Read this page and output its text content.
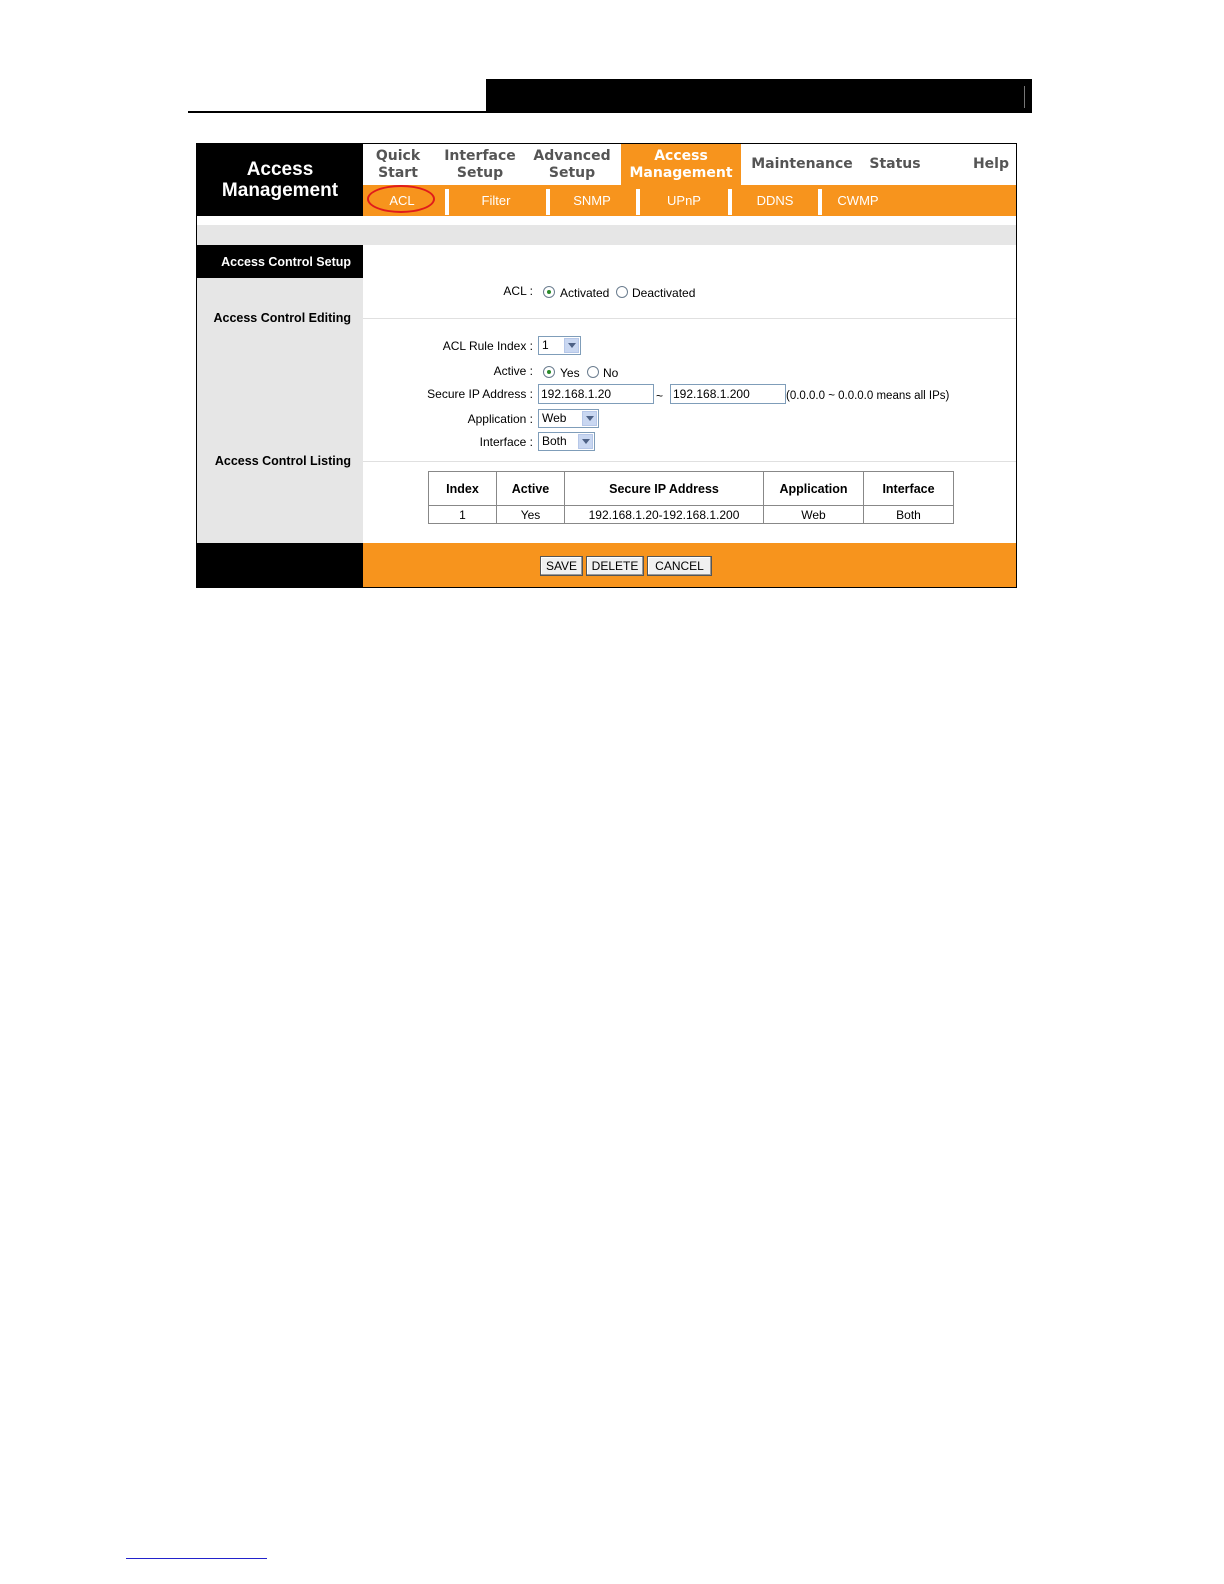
Access
Management
Quick
Start
Interface
Setup
Advanced
Setup
Access
Management
Maintenance Status	Help
ACL	Filter	SNMP	UPnP	DDNS	CWMP
Access Control Setup
Access Control Editing
Access Control Listing
ACL : Activated Deactivated
ACL Rule Index : 1
Active : Yes No
Secure IP Address : 192.168.1.20	~ 192.168.1.200	(0.0.0.0 ~ 0.0.0.0 means all IPs)
Application : Web
Interface : Both
Index	Active	Secure IP Address	Application	Interface
1	Yes	192.168.1.20-192.168.1.200	Web	Both
SAVE	DELETE	CANCEL
